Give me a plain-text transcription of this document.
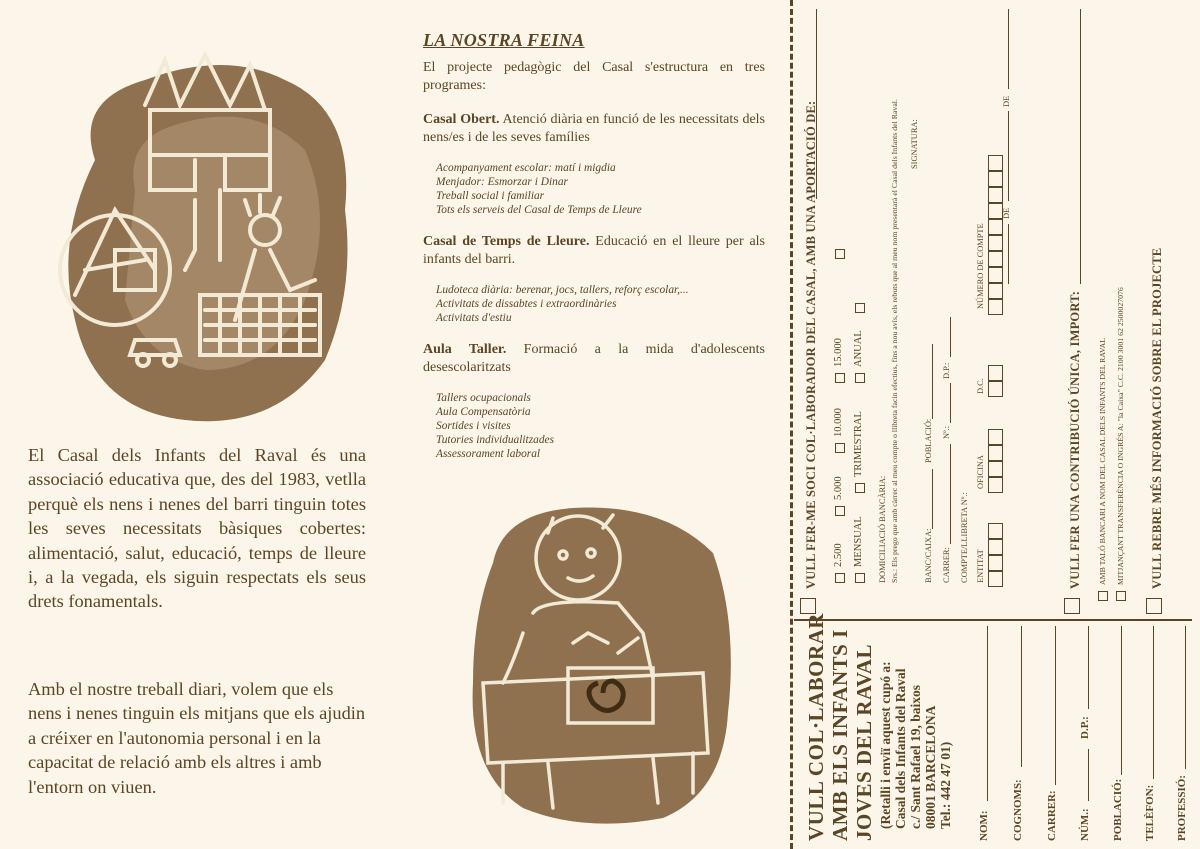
El Casal dels Infants del Raval és una associació educativa que, des del 1983, vetlla perquè els nens i nenes del barri tinguin totes les seves necessitats bàsiques cobertes: alimentació, salut, educació, temps de lleure i, a la vegada, els siguin respectats els seus drets fonamentals.

Amb el nostre treball diari, volem que els nens i nenes tinguin els mitjans que els ajudin a créixer en l'autonomia personal i en la capacitat de relació amb els altres i amb l'entorn on viuen.

LA NOSTRA FEINA

El projecte pedagògic del Casal s'estructura en tres programes:

Casal Obert. Atenció diària en funció de les necessitats dels nens/es i de les seves famílies

Acompanyament escolar: matí i migdia
Menjador: Esmorzar i Dinar
Treball social i familiar
Tots els serveis del Casal de Temps de Lleure

Casal de Temps de Lleure. Educació en el lleure per als infants del barri.

Ludoteca diària: berenar, jocs, tallers, reforç escolar,...
Activitats de dissabtes i extraordinàries
Activitats d'estiu

Aula Taller. Formació a la mida d'adolescents desescolaritzats

Tallers ocupacionals
Aula Compensatòria
Sortides i visites
Tutories individualitzades
Assessorament laboral

VULL COL·LABORAR AMB ELS INFANTS I JOVES DEL RAVAL (Retalli i enviï aquest cupó a:
Casal dels Infants del Raval
c./ Sant Rafael 19, baixos
08001 BARCELONA
Tel.: 442 47 01) NOM: COGNOMS: CARRER: NÚM.:
D.P.:
POBLACIÓ: TELÈFON: PROFESSIÓ:
VULL FER-ME SOCI COL·LABORADOR DEL CASAL, AMB UNA APORTACIÓ DE: 2.500
5.000
10.000
15.000
MENSUAL
TRIMESTRAL
ANUAL
DOMICILIACIÓ BANCÀRIA: Srs.: Els prego que amb càrrec al meu compte o llibreta facin efectius, fins a nou avís, els rebuts que al meu nom presentarà el Casal dels Infants del Raval. SIGNATURA:
BANC/CAIXA:
POBLACIÓ:
CARRER:
Nº.:
D.P.:
COMPTE/LLIBRETA Nº.: ENTITAT
OFICINA
D.C.
NÚMERO DE COMPTE
DE
DE
VULL FER UNA CONTRIBUCIÓ ÚNICA, IMPORT: AMB TALÓ BANCARI A NOM DEL CASAL DELS INFANTS DEL RAVAL MITJANÇANT TRANSFERÈNCIA O INGRÉS A: "la Caixa" C.C. 2100 3001 62 2500027076 VULL REBRE MÉS INFORMACIÓ SOBRE EL PROJECTE
